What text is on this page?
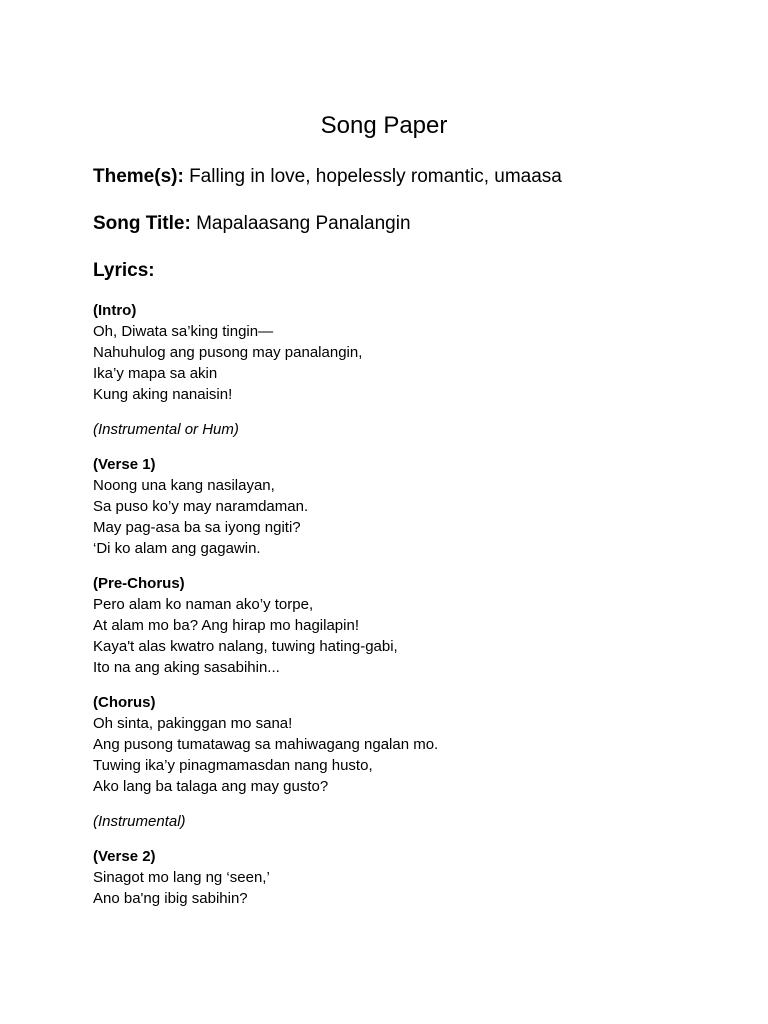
Song Paper

Theme(s): Falling in love, hopelessly romantic, umaasa

Song Title: Mapalaasang Panalangin

Lyrics:
(Intro)
Oh, Diwata sa’king tingin—
Nahuhulog ang pusong may panalangin,
Ika’y mapa sa akin
Kung aking nanaisin!
(Instrumental or Hum)
(Verse 1)
Noong una kang nasilayan,
Sa puso ko’y may naramdaman.
May pag-asa ba sa iyong ngiti?
‘Di ko alam ang gagawin.
(Pre-Chorus)
Pero alam ko naman ako’y torpe,
At alam mo ba? Ang hirap mo hagilapin!
Kaya't alas kwatro nalang, tuwing hating-gabi,
Ito na ang aking sasabihin...
(Chorus)
Oh sinta, pakinggan mo sana!
Ang pusong tumatawag sa mahiwagang ngalan mo.
Tuwing ika’y pinagmamasdan nang husto,
Ako lang ba talaga ang may gusto?
(Instrumental)
(Verse 2)
Sinagot mo lang ng ‘seen,’
Ano ba'ng ibig sabihin?
